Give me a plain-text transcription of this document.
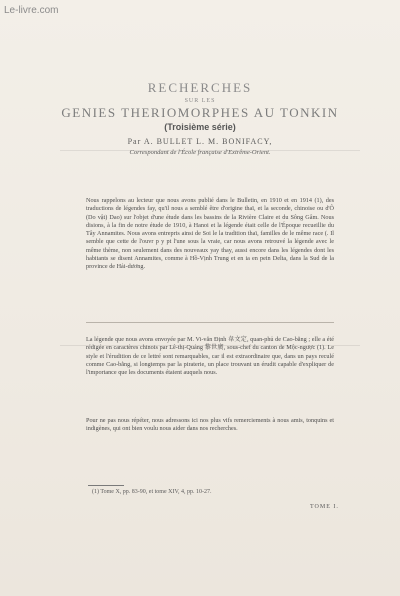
Le-livre.com
RECHERCHES
SUR LES
GENIES THERIOMORPHES AU TONKIN
(Troisième série)
Par A. BULLET L. M. BONIFACY,
Correspondant de l'École française d'Extrême-Orient.
Nous rappelons au lecteur que nous avons publié dans le Bulletin, en 1910 et en 1914 (1), des traductions de légendes fay, qu'il nous a semblé être d'origine thaï, et la seconde, chinoise ou d'Ô (Do vật) Dao) sur l'objet d'une étude dans les bassins de la Rivière Claire et du Sông Gâm. Nous disions, à la fin de notre étude de 1910, à Hanoi et la légende était celle de l'Époque recueillie du Tây Annamites. Nous avons entrepris ainsi de Soi le la tradition thaï, familles de le même race (. Il semble que cette de l'ouvr p y pt l'une sous la vraie, car nous avons retrouvé la légende avec le même thème, non seulement dans des nouveaux yay thay, aussi encore dans les légendes dont les habitants se disent Annamites, comme à Hồ-Vịnh Trung et en ia en pein Delta, dans la Sud de la province de Hải-dương.
La légende que nous avons envoyée par M. Vi-văn Định 韋文定, quan-phủ de Cao-bằng ; elle a été rédigée en caractères chinois par Lê-thị-Quảng 黎世廣, sous-chef du canton de Mộc-ngược (1). Le style et l'érudition de ce lettré sont remarquables, car il est extraordinaire que, dans un pays reculé comme Cao-bằng, si longtemps par la piraterie, un place trouvant un érudit capable d'expliquer de l'importance que les documents étaient auquels nous.
Pour ne pas nous répéter, nous adressons ici nos plus vifs remerciements à nous amis, tonquins et indigènes, qui ont bien voulu nous aider dans nos recherches.
(1) Tome X, pp. 83-90, et tome XIV, 4, pp. 10-27.
TOME I.
